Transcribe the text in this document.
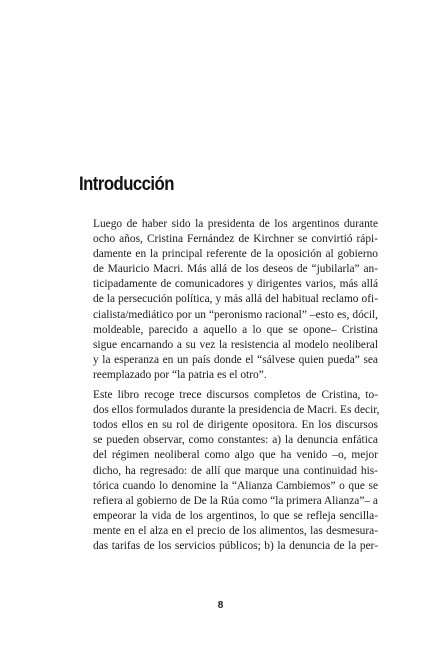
Introducción

Luego de haber sido la presidenta de los argentinos durante
ocho años, Cristina Fernández de Kirchner se convirtió rápi-
damente en la principal referente de la oposición al gobierno
de Mauricio Macri. Más allá de los deseos de “jubilarla” an-
ticipadamente de comunicadores y dirigentes varios, más allá
de la persecución política, y más allá del habitual reclamo ofi-
cialista/mediático por un “peronismo racional” –esto es, dócil,
moldeable, parecido a aquello a lo que se opone– Cristina
sigue encarnando a su vez la resistencia al modelo neoliberal
y la esperanza en un país donde el “sálvese quien pueda” sea
reemplazado por “la patria es el otro”.

Este libro recoge trece discursos completos de Cristina, to-
dos ellos formulados durante la presidencia de Macri. Es decir,
todos ellos en su rol de dirigente opositora. En los discursos
se pueden observar, como constantes: a) la denuncia enfática
del régimen neoliberal como algo que ha venido –o, mejor
dicho, ha regresado: de allí que marque una continuidad his-
tórica cuando lo denomine la “Alianza Cambiemos” o que se
refiera al gobierno de De la Rúa como “la primera Alianza”– a
empeorar la vida de los argentinos, lo que se refleja sencilla-
mente en el alza en el precio de los alimentos, las desmesura-
das tarifas de los servicios públicos; b) la denuncia de la per-

8
